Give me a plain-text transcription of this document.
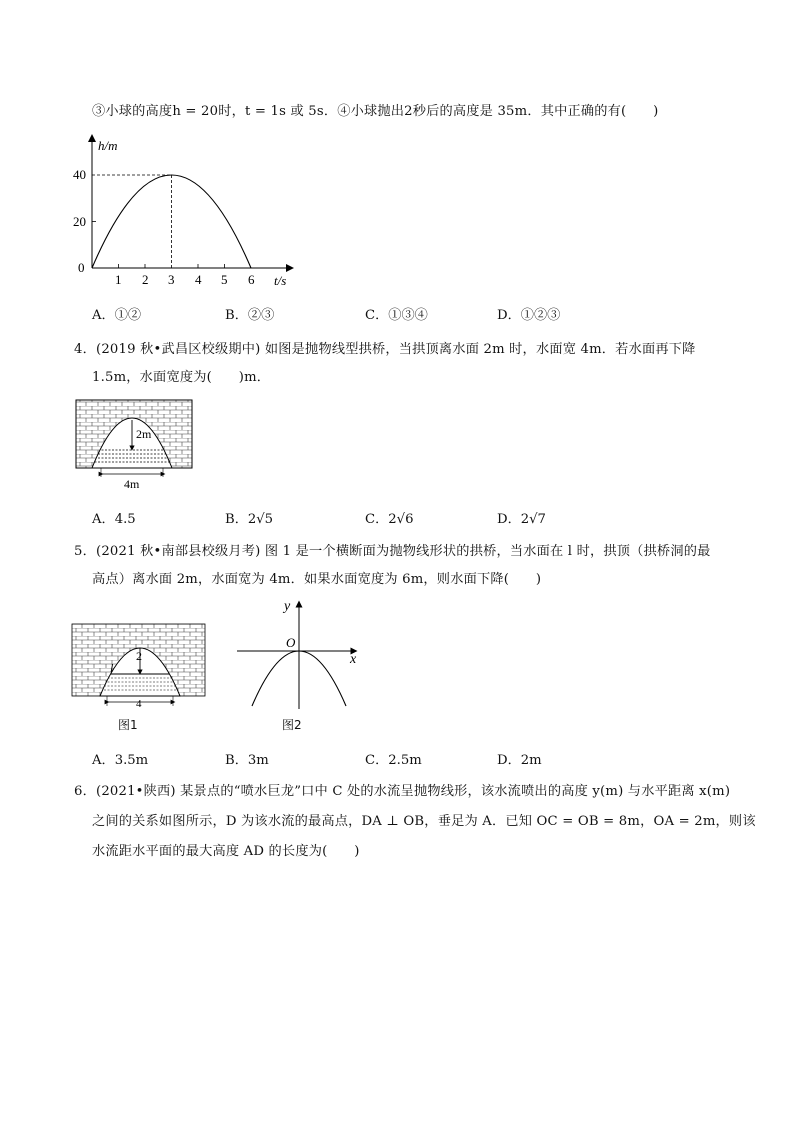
③小球的高度h = 20时，t = 1s 或 5s．④小球抛出2秒后的高度是 35m．其中正确的有(　　)
h/m
40
20
0
1 2 3 4 5 6 t/s
A．①②	B．②③	C．①③④	D．①②③
4．(2019 秋•武昌区校级期中) 如图是抛物线型拱桥，当拱顶离水面 2m 时，水面宽 4m．若水面再下降
1.5m，水面宽度为(　　)m．
2m
4m
A．4.5	B．2√5	C．2√6	D．2√7
5．(2021 秋•南部县校级月考) 图 1 是一个横断面为抛物线形状的拱桥，当水面在 l 时，拱顶（拱桥洞的最
高点）离水面 2m，水面宽为 4m．如果水面宽度为 6m，则水面下降(　　)
2
l
4
图1
y
x
O
图2
A．3.5m	B．3m	C．2.5m	D．2m
6．(2021•陕西) 某景点的“喷水巨龙”口中 C 处的水流呈抛物线形，该水流喷出的高度 y(m) 与水平距离 x(m)
之间的关系如图所示，D 为该水流的最高点，DA ⊥ OB，垂足为 A．已知 OC = OB = 8m，OA = 2m，则该
水流距水平面的最大高度 AD 的长度为(　　)
